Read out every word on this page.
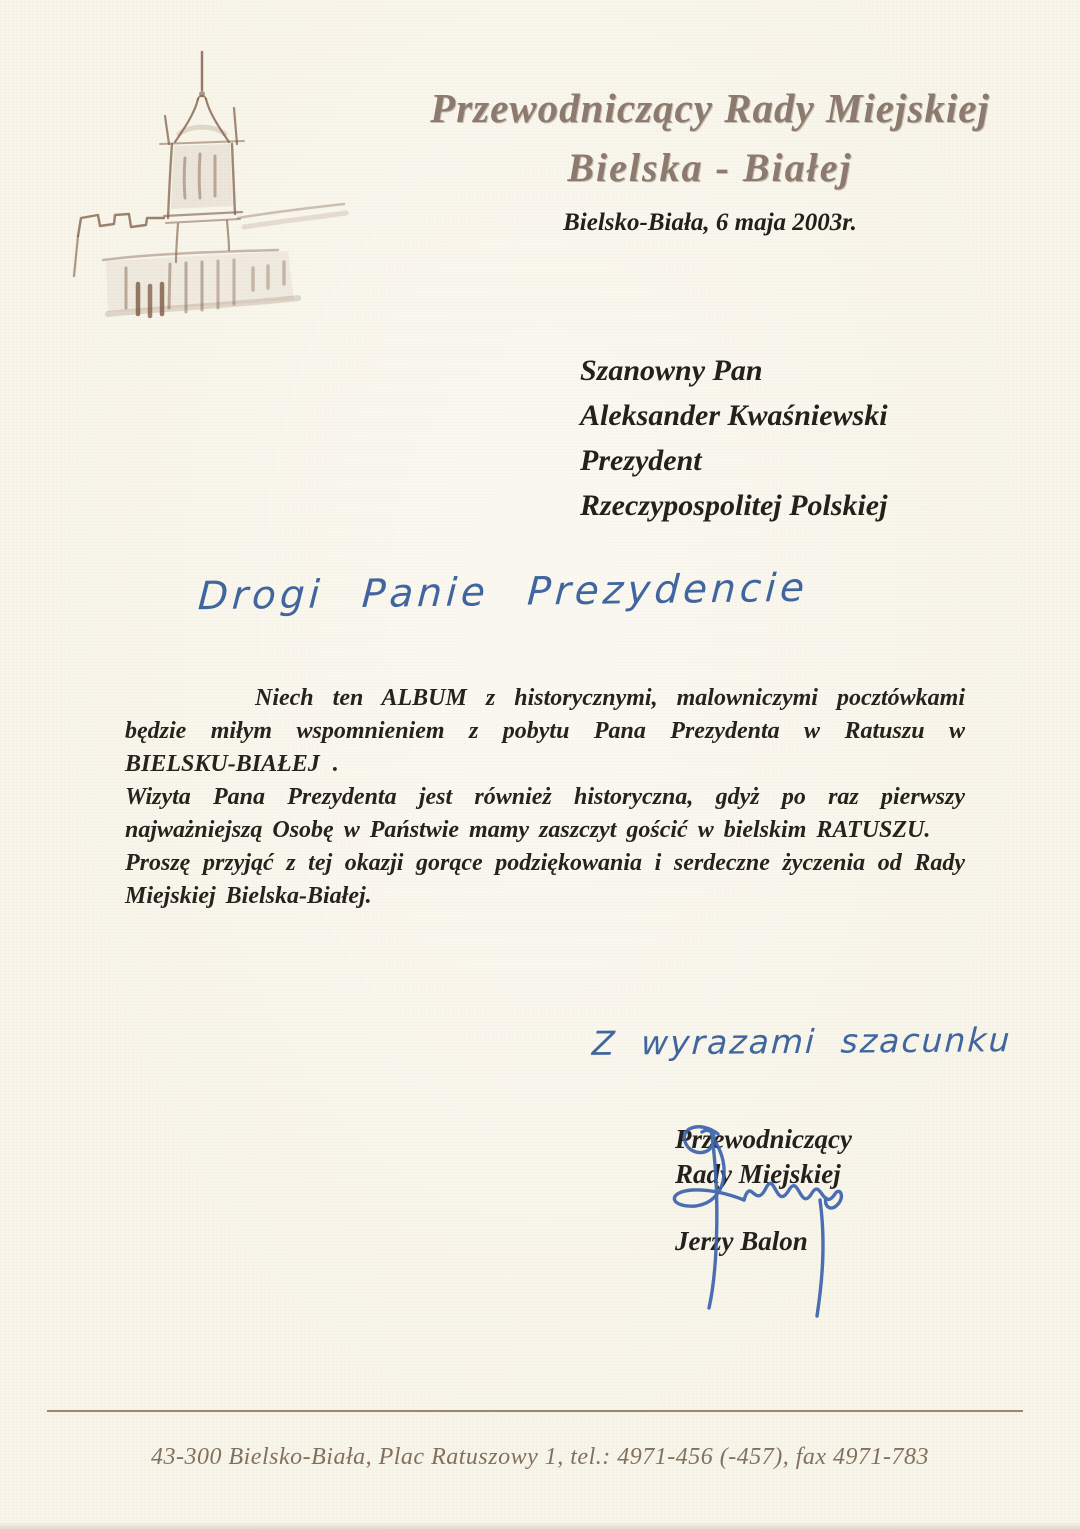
Przewodniczący Rady Miejskiej
Bielska - Białej
Bielsko-Biała, 6 maja 2003r.
Szanowny Pan
Aleksander Kwaśniewski
Prezydent
Rzeczypospolitej Polskiej
Drogi Panie Prezydencie

Niech ten ALBUM z historycznymi, malowniczymi pocztówkami będzie miłym wspomnieniem z pobytu Pana Prezydenta w Ratuszu w BIELSKU-BIAŁEJ .

Wizyta Pana Prezydenta jest również historyczna, gdyż po raz pierwszy najważniejszą Osobę w Państwie mamy zaszczyt gościć w bielskim RATUSZU.

Proszę przyjąć z tej okazji gorące podziękowania i serdeczne życzenia od Rady Miejskiej Bielska-Białej.

Z wyrazami szacunku
Przewodniczący
Rady Miejskiej
Jerzy Balon
43-300 Bielsko-Biała, Plac Ratuszowy 1, tel.: 4971-456 (-457), fax 4971-783
